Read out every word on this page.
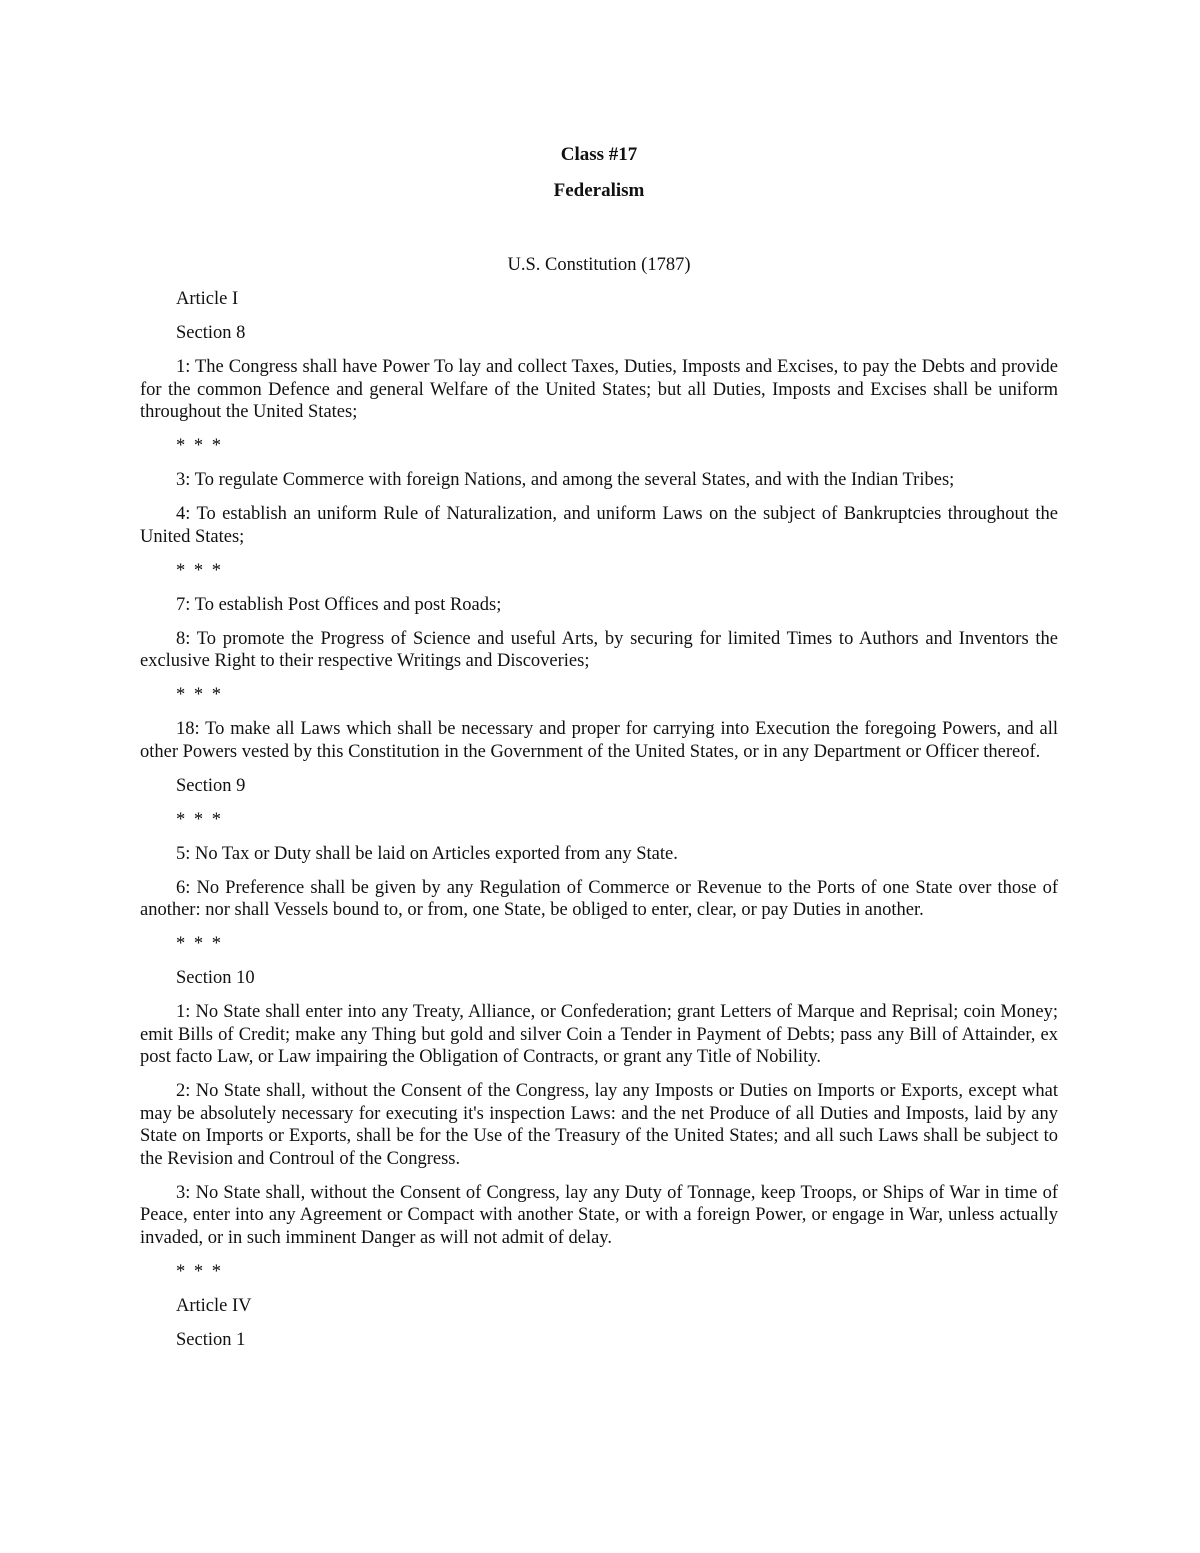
Class #17
Federalism
U.S. Constitution (1787)

Article I

Section 8

1: The Congress shall have Power To lay and collect Taxes, Duties, Imposts and Excises, to pay the Debts and provide for the common Defence and general Welfare of the United States; but all Duties, Imposts and Excises shall be uniform throughout the United States;

* * *

3: To regulate Commerce with foreign Nations, and among the several States, and with the Indian Tribes;

4: To establish an uniform Rule of Naturalization, and uniform Laws on the subject of Bankruptcies throughout the United States;

* * *

7: To establish Post Offices and post Roads;

8: To promote the Progress of Science and useful Arts, by securing for limited Times to Authors and Inventors the exclusive Right to their respective Writings and Discoveries;

* * *

18: To make all Laws which shall be necessary and proper for carrying into Execution the foregoing Powers, and all other Powers vested by this Constitution in the Government of the United States, or in any Department or Officer thereof.

Section 9

* * *

5: No Tax or Duty shall be laid on Articles exported from any State.

6: No Preference shall be given by any Regulation of Commerce or Revenue to the Ports of one State over those of another: nor shall Vessels bound to, or from, one State, be obliged to enter, clear, or pay Duties in another.

* * *

Section 10

1: No State shall enter into any Treaty, Alliance, or Confederation; grant Letters of Marque and Reprisal; coin Money; emit Bills of Credit; make any Thing but gold and silver Coin a Tender in Payment of Debts; pass any Bill of Attainder, ex post facto Law, or Law impairing the Obligation of Contracts, or grant any Title of Nobility.

2: No State shall, without the Consent of the Congress, lay any Imposts or Duties on Imports or Exports, except what may be absolutely necessary for executing it's inspection Laws: and the net Produce of all Duties and Imposts, laid by any State on Imports or Exports, shall be for the Use of the Treasury of the United States; and all such Laws shall be subject to the Revision and Controul of the Congress.

3: No State shall, without the Consent of Congress, lay any Duty of Tonnage, keep Troops, or Ships of War in time of Peace, enter into any Agreement or Compact with another State, or with a foreign Power, or engage in War, unless actually invaded, or in such imminent Danger as will not admit of delay.

* * *

Article IV

Section 1
